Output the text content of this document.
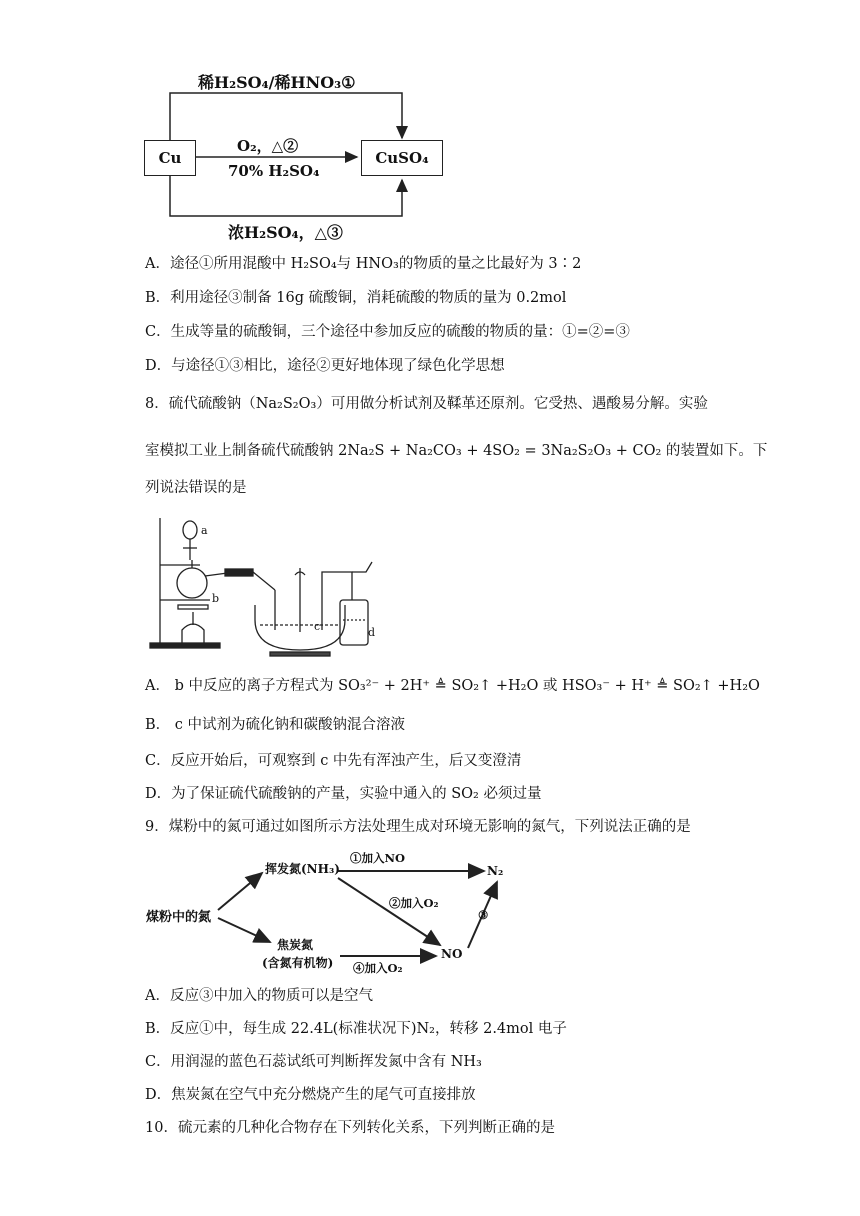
Cu	CuSO₄
稀H₂SO₄/稀HNO₃①
O₂，△②
70% H₂SO₄
浓H₂SO₄，△③
A．途径①所用混酸中 H₂SO₄与 HNO₃的物质的量之比最好为 3∶2
B．利用途径③制备 16g 硫酸铜，消耗硫酸的物质的量为 0.2mol
C．生成等量的硫酸铜，三个途径中参加反应的硫酸的物质的量：①=②=③
D．与途径①③相比，途径②更好地体现了绿色化学思想
8．硫代硫酸钠（Na₂S₂O₃）可用做分析试剂及鞣革还原剂。它受热、遇酸易分解。实验
室模拟工业上制备硫代硫酸钠 2Na₂S + Na₂CO₃ + 4SO₂ = 3Na₂S₂O₃ + CO₂ 的装置如下。下
列说法错误的是
a
b
c	d
A． b 中反应的离子方程式为 SO₃²⁻ + 2H⁺ ≜ SO₂↑ +H₂O 或 HSO₃⁻ + H⁺ ≜ SO₂↑ +H₂O
B． c 中试剂为硫化钠和碳酸钠混合溶液
C．反应开始后，可观察到 c 中先有浑浊产生，后又变澄清
D．为了保证硫代硫酸钠的产量，实验中通入的 SO₂ 必须过量
9．煤粉中的氮可通过如图所示方法处理生成对环境无影响的氮气，下列说法正确的是
煤粉中的氮
挥发氮(NH₃)
焦炭氮
(含氮有机物)
N₂
NO
①加入NO
②加入O₂
③
④加入O₂
A．反应③中加入的物质可以是空气
B．反应①中，每生成 22.4L(标准状况下)N₂，转移 2.4mol 电子
C．用润湿的蓝色石蕊试纸可判断挥发氮中含有 NH₃
D．焦炭氮在空气中充分燃烧产生的尾气可直接排放
10．硫元素的几种化合物存在下列转化关系，下列判断正确的是
